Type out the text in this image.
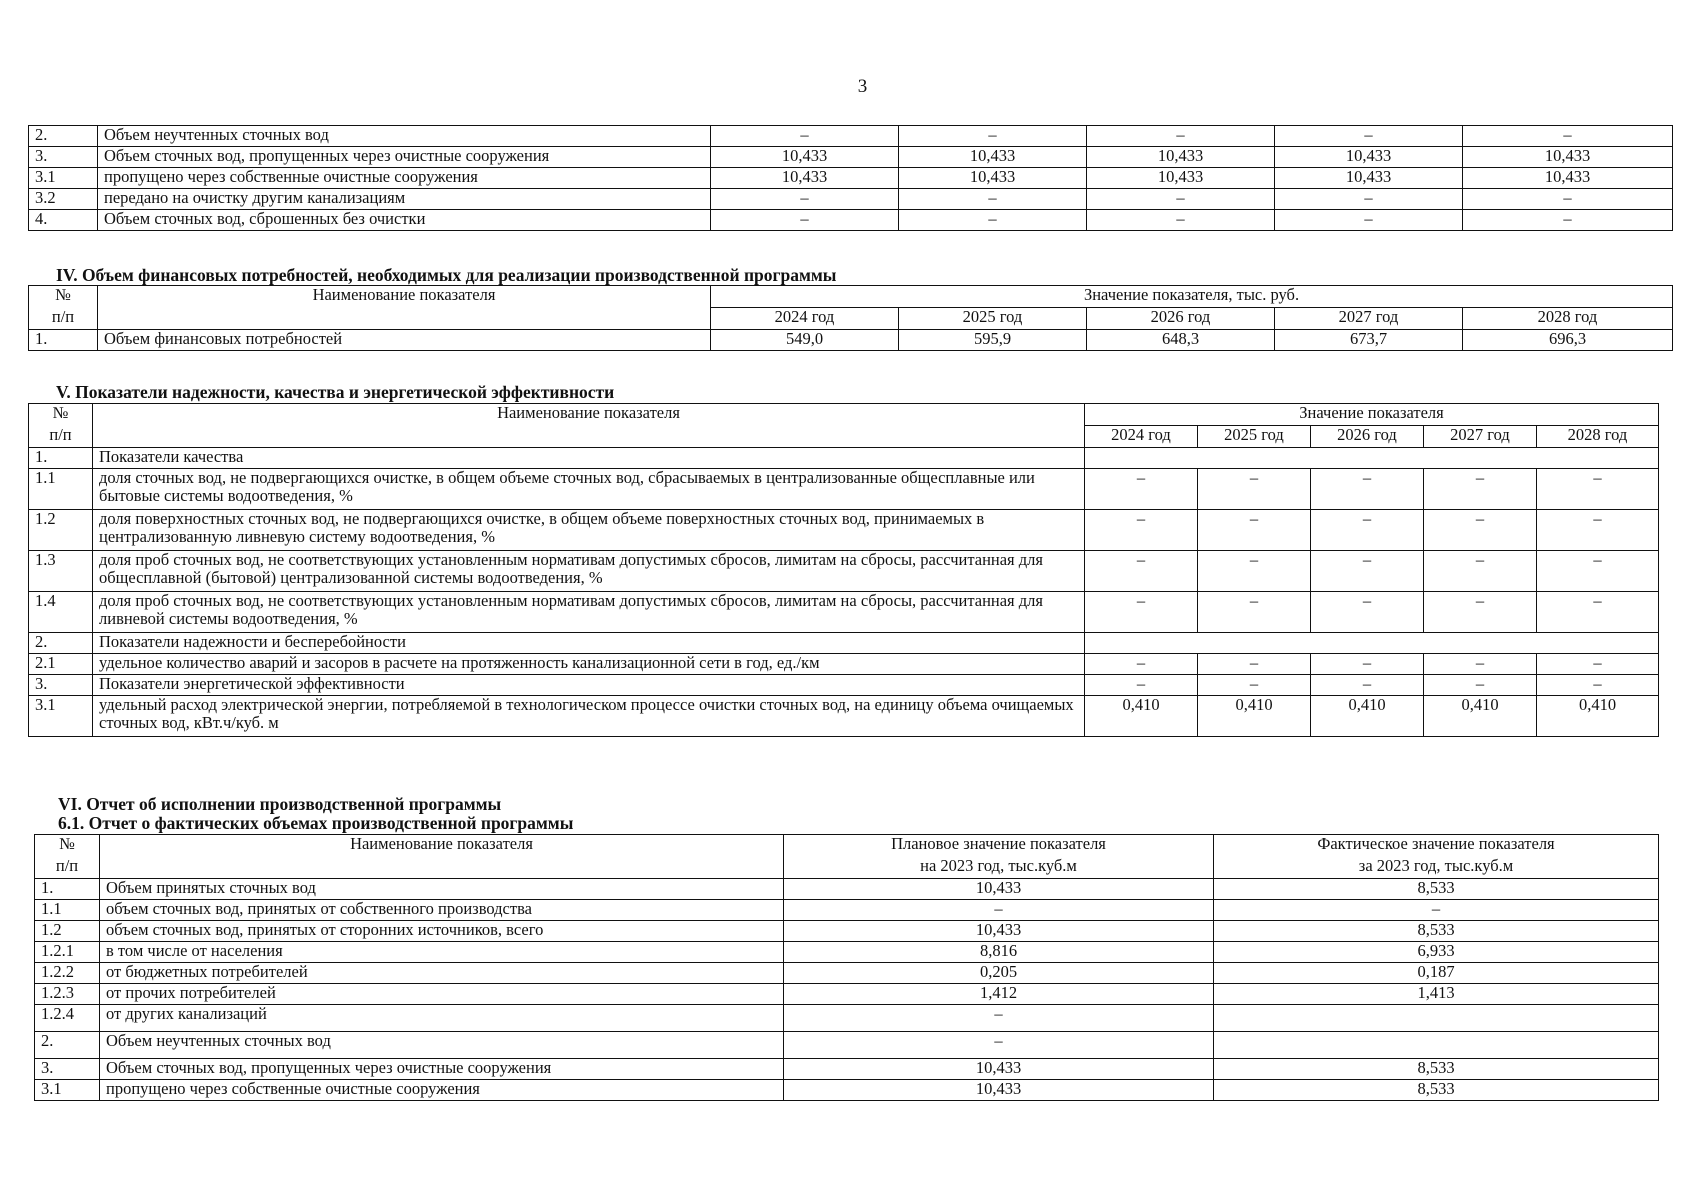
3
2.	Объем неучтенных сточных вод	–	–	–	–	–
3.	Объем сточных вод, пропущенных через очистные сооружения	10,433	10,433	10,433	10,433	10,433
3.1	пропущено через собственные очистные сооружения	10,433	10,433	10,433	10,433	10,433
3.2	передано на очистку другим канализациям	–	–	–	–	–
4.	Объем сточных вод, сброшенных без очистки	–	–	–	–	–
IV. Объем финансовых потребностей, необходимых для реализации производственной программы
№	Наименование показателя	Значение показателя, тыс. руб.				
п/п		2024 год	2025 год	2026 год	2027 год	2028 год
1.	Объем финансовых потребностей	549,0	595,9	648,3	673,7	696,3
V. Показатели надежности, качества и энергетической эффективности
№	Наименование показателя	Значение показателя				
п/п		2024 год	2025 год	2026 год	2027 год	2028 год
1.	Показатели качества					
1.1	доля сточных вод, не подвергающихся очистке, в общем объеме сточных вод, сбрасываемых в централизованные общесплавные или бытовые системы водоотведения, %	–	–	–	–	–
1.2	доля поверхностных сточных вод, не подвергающихся очистке, в общем объеме поверхностных сточных вод, принимаемых в централизованную ливневую систему водоотведения, %	–	–	–	–	–
1.3	доля проб сточных вод, не соответствующих установленным нормативам допустимых сбросов, лимитам на сбросы, рассчитанная для общесплавной (бытовой) централизованной системы водоотведения, %	–	–	–	–	–
1.4	доля проб сточных вод, не соответствующих установленным нормативам допустимых сбросов, лимитам на сбросы, рассчитанная для ливневой системы водоотведения, %	–	–	–	–	–
2.	Показатели надежности и бесперебойности					
2.1	удельное количество аварий и засоров в расчете на протяженность канализационной сети в год, ед./км	–	–	–	–	–
3.	Показатели энергетической эффективности	–	–	–	–	–
3.1	удельный расход электрической энергии, потребляемой в технологическом процессе очистки сточных вод, на единицу объема очищаемых сточных вод, кВт.ч/куб. м	0,410	0,410	0,410	0,410	0,410
VI. Отчет об исполнении производственной программы
6.1. Отчет о фактических объемах производственной программы
№	Наименование показателя	Плановое значение показателя	Фактическое значение показателя
п/п		на 2023 год, тыс.куб.м	за 2023 год, тыс.куб.м
1.	Объем принятых сточных вод	10,433	8,533
1.1	объем сточных вод, принятых от собственного производства	–	–
1.2	объем сточных вод, принятых от сторонних источников, всего	10,433	8,533
1.2.1	в том числе от населения	8,816	6,933
1.2.2	от бюджетных потребителей	0,205	0,187
1.2.3	от прочих потребителей	1,412	1,413
1.2.4	от других канализаций	–	
2.	Объем неучтенных сточных вод	–	
3.	Объем сточных вод, пропущенных через очистные сооружения	10,433	8,533
3.1	пропущено через собственные очистные сооружения	10,433	8,533
